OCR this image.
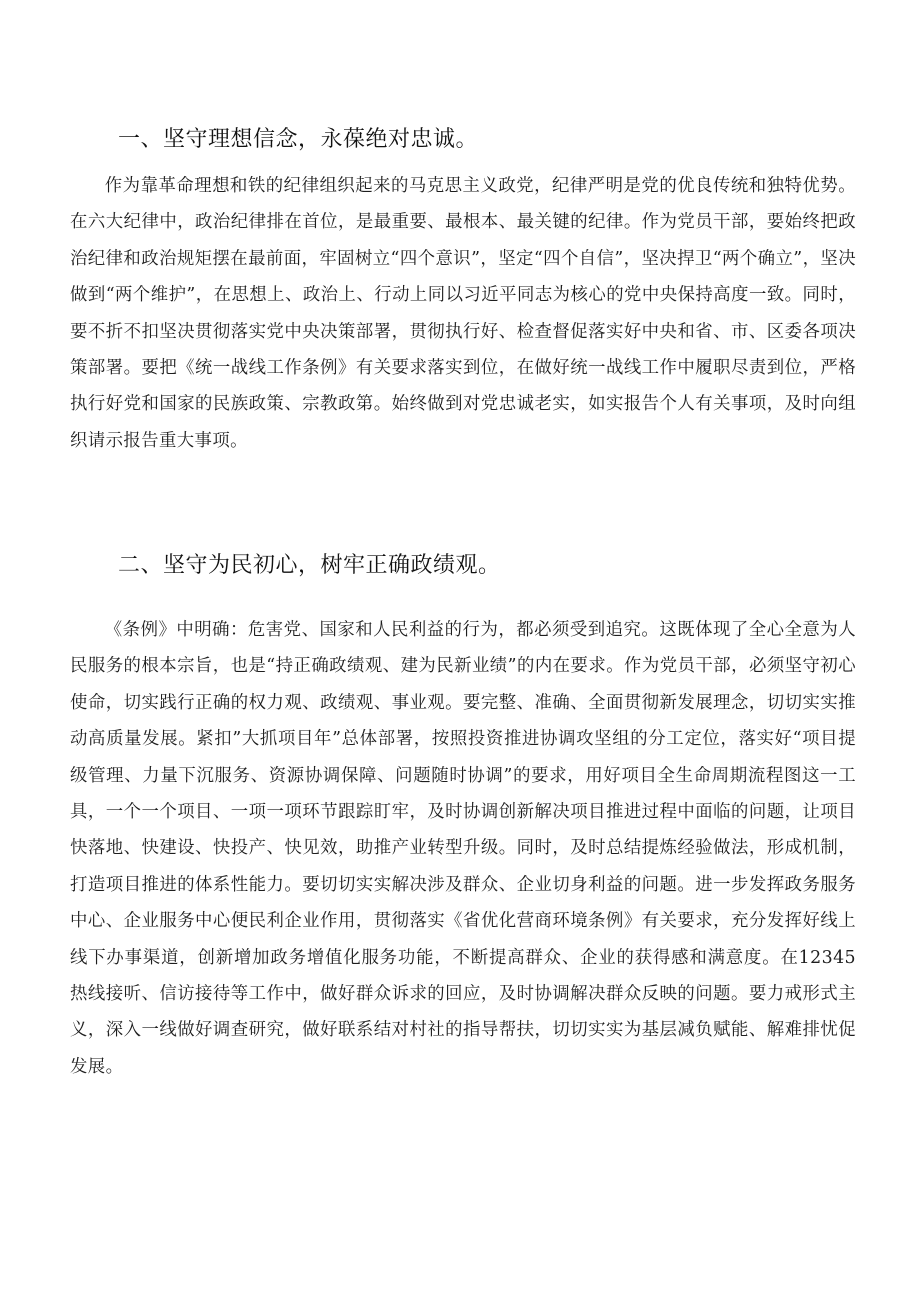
一、坚守理想信念，永葆绝对忠诚。

作为靠革命理想和铁的纪律组织起来的马克思主义政党，纪律严明是党的优良传统和独特优势。在六大纪律中，政治纪律排在首位，是最重要、最根本、最关键的纪律。作为党员干部，要始终把政治纪律和政治规矩摆在最前面，牢固树立“四个意识”，坚定“四个自信”，坚决捍卫“两个确立”，坚决做到“两个维护”，在思想上、政治上、行动上同以习近平同志为核心的党中央保持高度一致。同时，要不折不扣坚决贯彻落实党中央决策部署，贯彻执行好、检查督促落实好中央和省、市、区委各项决策部署。要把《统一战线工作条例》有关要求落实到位，在做好统一战线工作中履职尽责到位，严格执行好党和国家的民族政策、宗教政第。始终做到对党忠诚老实，如实报告个人有关事项，及时向组织请示报告重大事项。

二、坚守为民初心，树牢正确政绩观。

《条例》中明确：危害党、国家和人民利益的行为，都必须受到追究。这既体现了全心全意为人民服务的根本宗旨，也是“持正确政绩观、建为民新业绩”的内在要求。作为党员干部，必须坚守初心使命，切实践行正确的权力观、政绩观、事业观。要完整、准确、全面贯彻新发展理念，切切实实推动高质量发展。紧扣”大抓项目年”总体部署，按照投资推进协调攻坚组的分工定位，落实好“项目提级管理、力量下沉服务、资源协调保障、问题随时协调”的要求，用好项目全生命周期流程图这一工具，一个一个项目、一项一项环节跟踪盯牢，及时协调创新解决项目推进过程中面临的问题，让项目快落地、快建设、快投产、快见效，助推产业转型升级。同时，及时总结提炼经验做法，形成机制，打造项目推进的体系性能力。要切切实实解决涉及群众、企业切身利益的问题。进一步发挥政务服务中心、企业服务中心便民利企业作用，贯彻落实《省优化营商环境条例》有关要求，充分发挥好线上线下办事渠道，创新增加政务增值化服务功能，不断提高群众、企业的获得感和满意度。在12345热线接听、信访接待等工作中，做好群众诉求的回应，及时协调解决群众反映的问题。要力戒形式主义，深入一线做好调查研究，做好联系结对村社的指导帮扶，切切实实为基层减负赋能、解难排忧促发展。
